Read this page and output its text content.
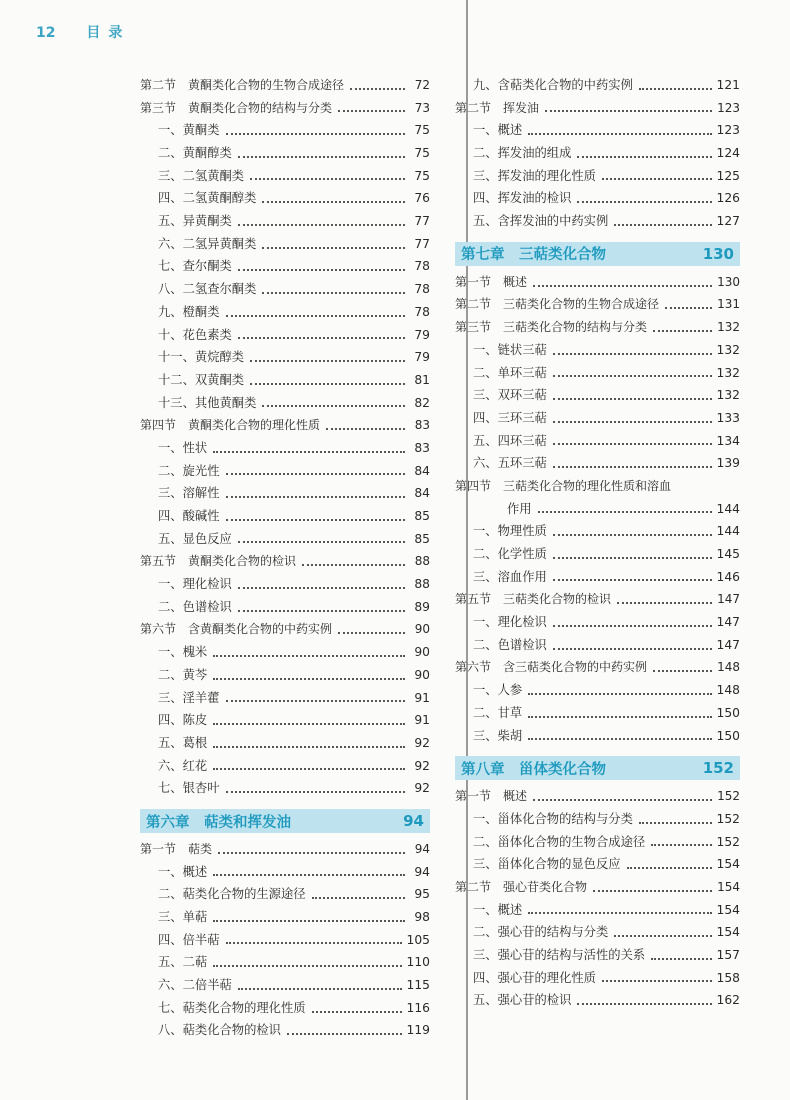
12 目录
第二节　黄酮类化合物的生物合成途径	72
第三节　黄酮类化合物的结构与分类	73
一、黄酮类	75
二、黄酮醇类	75
三、二氢黄酮类	75
四、二氢黄酮醇类	76
五、异黄酮类	77
六、二氢异黄酮类	77
七、查尔酮类	78
八、二氢查尔酮类	78
九、橙酮类	78
十、花色素类	79
十一、黄烷醇类	79
十二、双黄酮类	81
十三、其他黄酮类	82
第四节　黄酮类化合物的理化性质	83
一、性状	83
二、旋光性	84
三、溶解性	84
四、酸碱性	85
五、显色反应	85
第五节　黄酮类化合物的检识	88
一、理化检识	88
二、色谱检识	89
第六节　含黄酮类化合物的中药实例	90
一、槐米	90
二、黄芩	90
三、淫羊藿	91
四、陈皮	91
五、葛根	92
六、红花	92
七、银杏叶	92
第六章　萜类和挥发油	94
第一节　萜类	94
一、概述	94
二、萜类化合物的生源途径	95
三、单萜	98
四、倍半萜	105
五、二萜	110
六、二倍半萜	115
七、萜类化合物的理化性质	116
八、萜类化合物的检识	119
九、含萜类化合物的中药实例	121
第二节　挥发油	123
一、概述	123
二、挥发油的组成	124
三、挥发油的理化性质	125
四、挥发油的检识	126
五、含挥发油的中药实例	127
第七章　三萜类化合物	130
第一节　概述	130
第二节　三萜类化合物的生物合成途径	131
第三节　三萜类化合物的结构与分类	132
一、链状三萜	132
二、单环三萜	132
三、双环三萜	132
四、三环三萜	133
五、四环三萜	134
六、五环三萜	139
第四节　三萜类化合物的理化性质和溶血
作用	144
一、物理性质	144
二、化学性质	145
三、溶血作用	146
第五节　三萜类化合物的检识	147
一、理化检识	147
二、色谱检识	147
第六节　含三萜类化合物的中药实例	148
一、人参	148
二、甘草	150
三、柴胡	150
第八章　甾体类化合物	152
第一节　概述	152
一、甾体化合物的结构与分类	152
二、甾体化合物的生物合成途径	152
三、甾体化合物的显色反应	154
第二节　强心苷类化合物	154
一、概述	154
二、强心苷的结构与分类	154
三、强心苷的结构与活性的关系	157
四、强心苷的理化性质	158
五、强心苷的检识	162
